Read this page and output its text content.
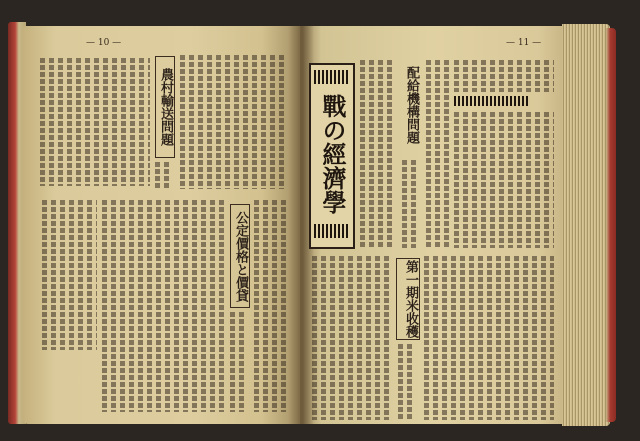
— 10 —	— 11 —
農村輸送問題
公定價格と價貸
戰の經濟學	配給機構問題
第一期米收穫
